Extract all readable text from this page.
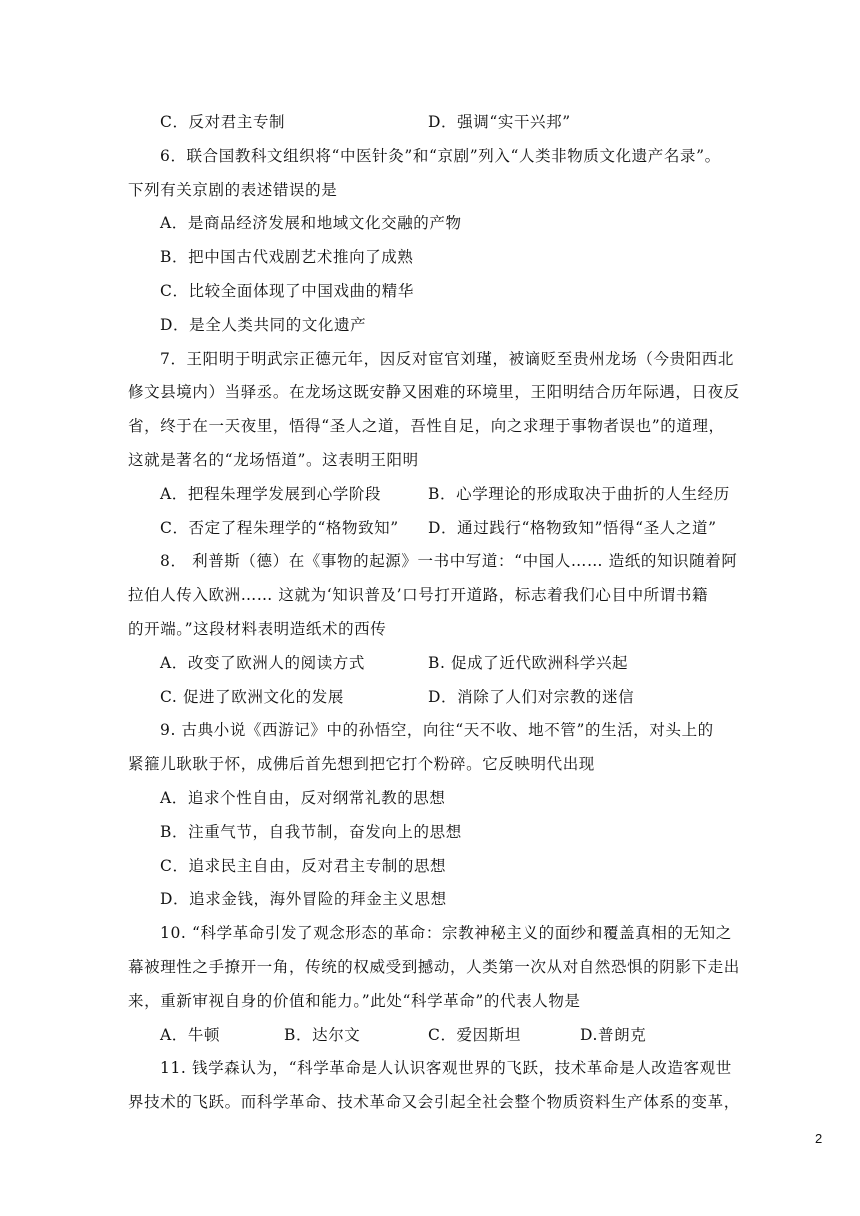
C．反对君主专制	D．强调“实干兴邦”
6．联合国教科文组织将“中医针灸”和“京剧”列入“人类非物质文化遗产名录”。
下列有关京剧的表述错误的是
A．是商品经济发展和地域文化交融的产物
B．把中国古代戏剧艺术推向了成熟
C．比较全面体现了中国戏曲的精华
D．是全人类共同的文化遗产
7．王阳明于明武宗正德元年，因反对宦官刘瑾，被谪贬至贵州龙场（今贵阳西北
修文县境内）当驿丞。在龙场这既安静又困难的环境里，王阳明结合历年际遇，日夜反
省，终于在一天夜里，悟得“圣人之道，吾性自足，向之求理于事物者误也”的道理，
这就是著名的“龙场悟道”。这表明王阳明
A．把程朱理学发展到心学阶段	B．心学理论的形成取决于曲折的人生经历
C．否定了程朱理学的“格物致知” D．通过践行“格物致知”悟得“圣人之道”
8． 利普斯（德）在《事物的起源》一书中写道：“中国人…… 造纸的知识随着阿
拉伯人传入欧洲…… 这就为‘知识普及’口号打开道路，标志着我们心目中所谓书籍
的开端。”这段材料表明造纸术的西传
A．改变了欧洲人的阅读方式	B. 促成了近代欧洲科学兴起
C. 促进了欧洲文化的发展	D．消除了人们对宗教的迷信
9. 古典小说《西游记》中的孙悟空，向往“天不收、地不管”的生活，对头上的
紧箍儿耿耿于怀，成佛后首先想到把它打个粉碎。它反映明代出现
A．追求个性自由，反对纲常礼教的思想
B．注重气节，自我节制，奋发向上的思想
C．追求民主自由，反对君主专制的思想
D．追求金钱，海外冒险的拜金主义思想
10. “科学革命引发了观念形态的革命：宗教神秘主义的面纱和覆盖真相的无知之
幕被理性之手撩开一角，传统的权威受到撼动，人类第一次从对自然恐惧的阴影下走出
来，重新审视自身的价值和能力。”此处“科学革命”的代表人物是
A．牛顿	B．达尔文	C．爱因斯坦	D.普朗克
11. 钱学森认为，“科学革命是人认识客观世界的飞跃，技术革命是人改造客观世
界技术的飞跃。而科学革命、技术革命又会引起全社会整个物质资料生产体系的变革，
2
